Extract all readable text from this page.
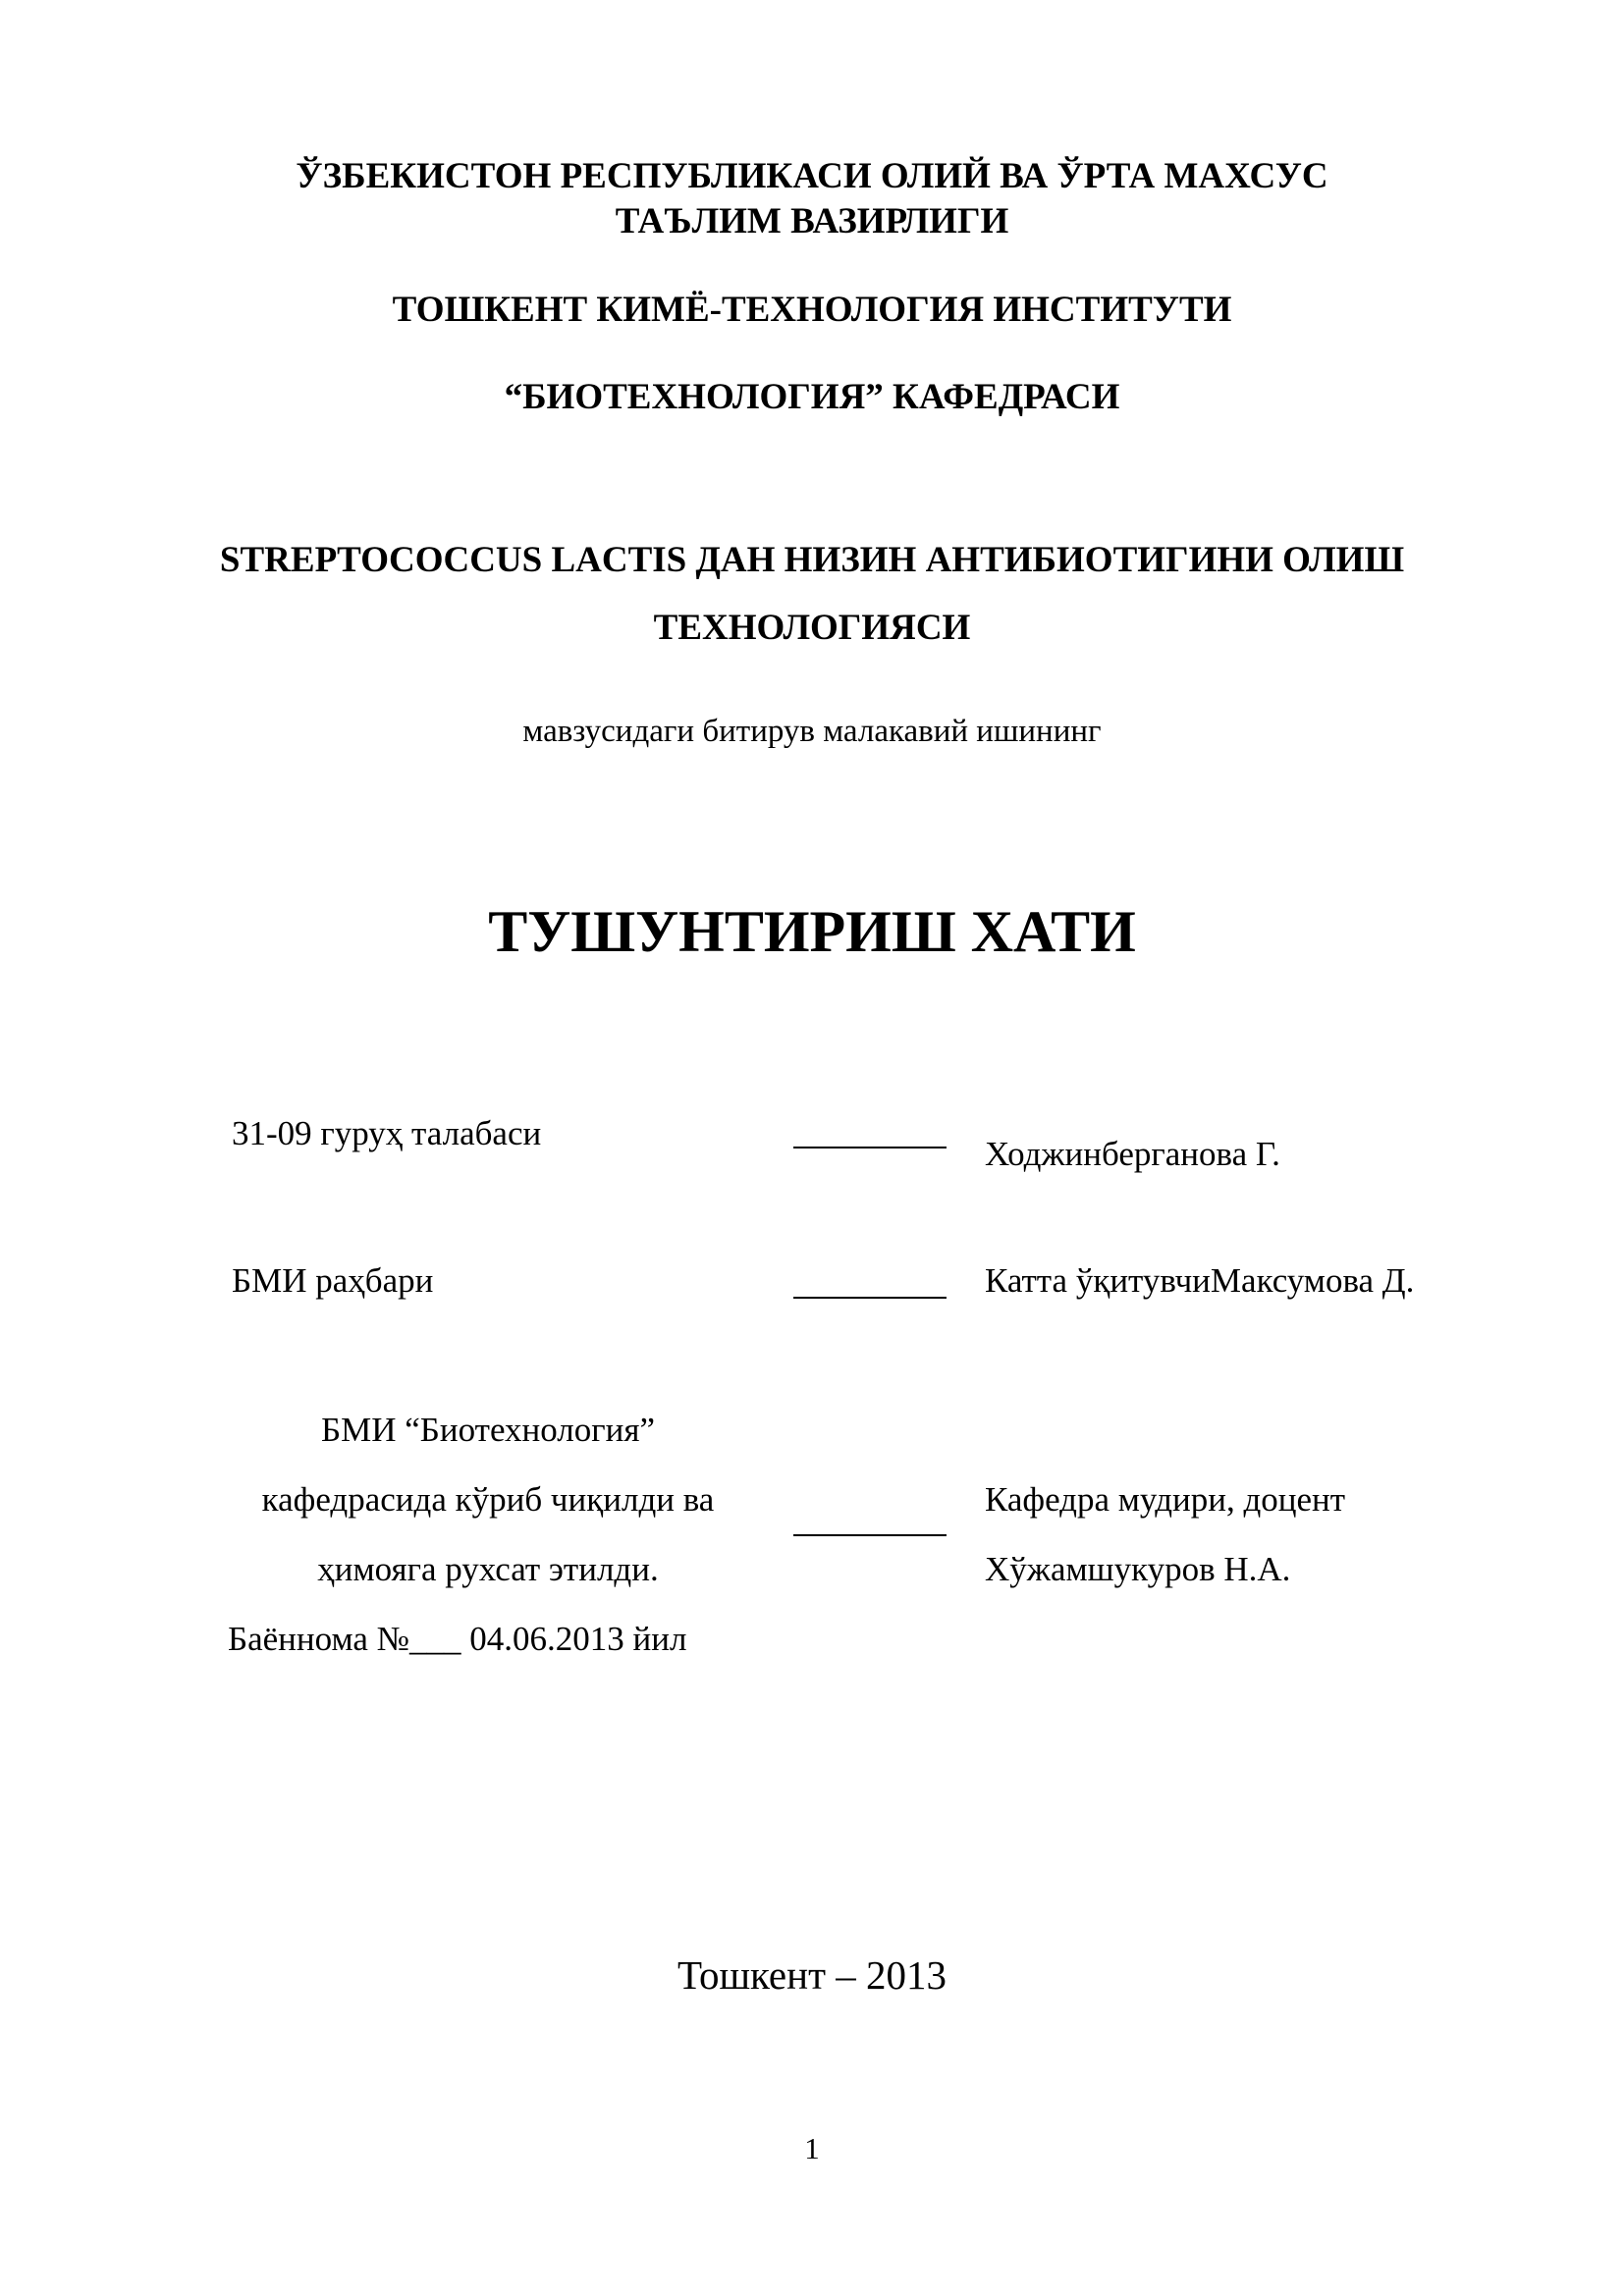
ЎЗБЕКИСТОН РЕСПУБЛИКАСИ ОЛИЙ ВА ЎРТА МАХСУС
ТАЪЛИМ ВАЗИРЛИГИ
ТОШКЕНТ КИМЁ-ТЕХНОЛОГИЯ ИНСТИТУТИ
“БИОТЕХНОЛОГИЯ” КАФЕДРАСИ
STREPTOCOCCUS LACTIS ДАН НИЗИН АНТИБИОТИГИНИ ОЛИШ
ТЕХНОЛОГИЯСИ
мавзусидаги битирув малакавий ишининг
ТУШУНТИРИШ ХАТИ
31-09 гуруҳ талабаси
Ходжинберганова Г.
БМИ раҳбари	Катта ўқитувчиМаксумова Д.
БМИ “Биотехнология”
кафедрасида кўриб чиқилди ва
ҳимояга рухсат этилди.
Баённома №___ 04.06.2013 йил
Кафедра мудири, доцент
Хўжамшукуров Н.А.
Тошкент – 2013
1
